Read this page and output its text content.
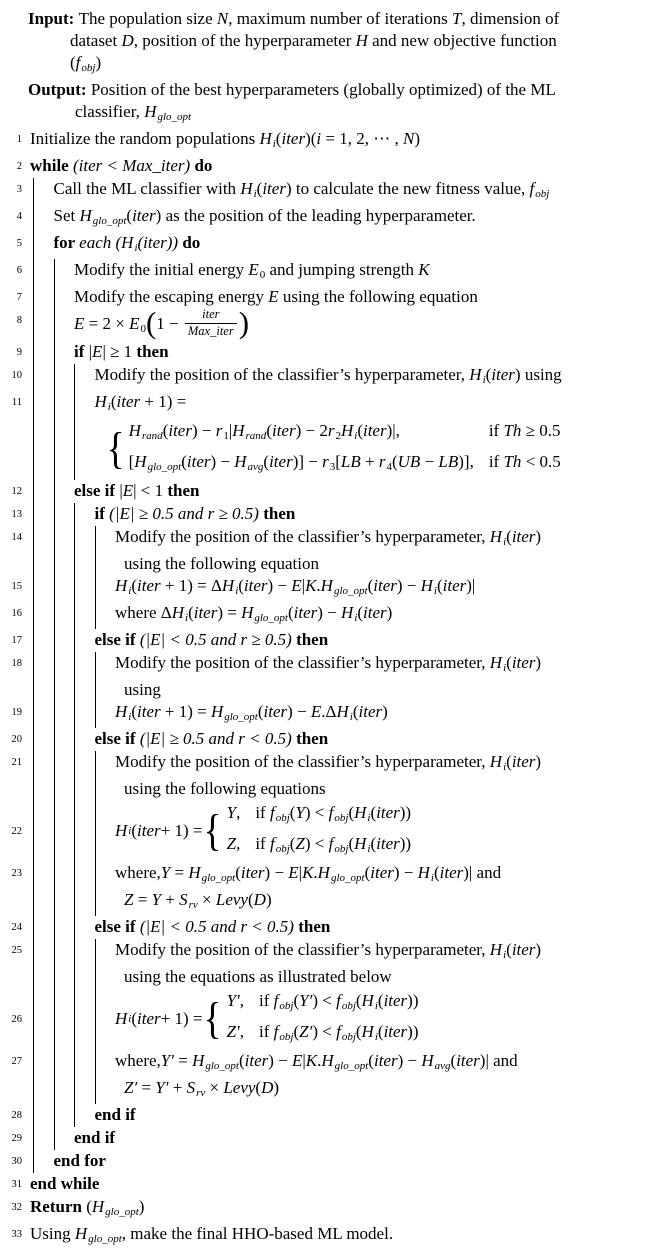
Input: The population size N, maximum number of iterations T, dimension of
dataset D, position of the hyperparameter H and new objective function
(fobj)
Output: Position of the best hyperparameters (globally optimized) of the ML
classifier, Hglo_opt
1 Initialize the random populations Hi(iter)(i = 1, 2, ⋯ , N)
2 while (iter < Max_iter) do
3 Call the ML classifier with Hi(iter) to calculate the new fitness value, fobj
4 Set Hglo_opt(iter) as the position of the leading hyperparameter.
5 for each (Hi(iter)) do
6	Modify the initial energy E0 and jumping strength K
7	Modify the escaping energy E using the following equation
8	$E = 2 \times E0(1 - \frac{\text{iter}}{\text{Max\_iter}}$ )
9	if |E| ≥ 1 then
10	Modify the position of the classifier’s hyperparameter, Hi(iter) using
11	Hi(iter + 1) =
{ Hrand(iter) − r1|Hrand(iter) − 2r2Hi(iter)|,	if Th ≥ 0.5
[Hglo_opt(iter) − Havg(iter)] − r3[LB + r4(UB − LB)],	if Th < 0.5
12	else if |E| < 1 then
13	if (|E| ≥ 0.5 and r ≥ 0.5) then
14	Modify the position of the classifier’s hyperparameter, Hi(iter)
using the following equation
15	Hi(iter + 1) = ΔHi(iter) − E|K.Hglo_opt(iter) − Hi(iter)|
16	where ΔHi(iter) = Hglo_opt(iter) − Hi(iter)
17	else if (|E| < 0.5 and r ≥ 0.5) then
18	Modify the position of the classifier’s hyperparameter, Hi(iter)
using
19	Hi(iter + 1) = Hglo_opt(iter) − E.ΔHi(iter)
20	else if (|E| ≥ 0.5 and r < 0.5) then
21	Modify the position of the classifier’s hyperparameter, Hi(iter)
using the following equations
22	H i ( iter + 1) = { Y,	if fobj(Y) < fobj(Hi(iter))
Z,	if fobj(Z) < fobj(Hi(iter))
23	where,Y = Hglo_opt(iter) − E|K.Hglo_opt(iter) − Hi(iter)| and
Z = Y + Srv × Levy(D)
24	else if (|E| < 0.5 and r < 0.5) then
25	Modify the position of the classifier’s hyperparameter, Hi(iter)
using the equations as illustrated below
26	H i ( iter + 1) = { Y′,	if fobj(Y′) < fobj(Hi(iter))
Z′,	if fobj(Z′) < fobj(Hi(iter))
27	where,Y′ = Hglo_opt(iter) − E|K.Hglo_opt(iter) − Havg(iter)| and
Z′ = Y′ + Srv × Levy(D)
28	end if
29	end if
30 end for
31 end while
32 Return (Hglo_opt)
33 Using Hglo_opt, make the final HHO-based ML model.
